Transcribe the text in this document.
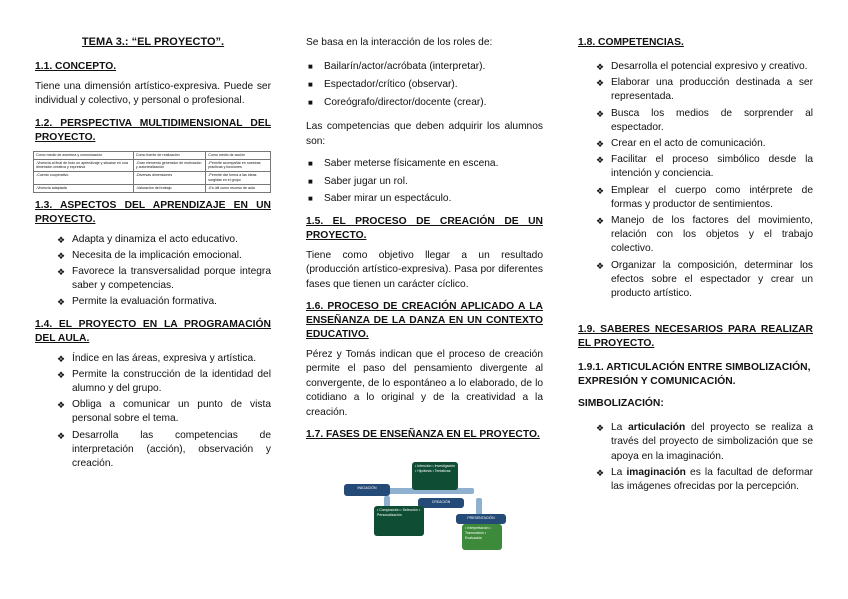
TEMA 3.: “EL PROYECTO”.
1.1. CONCEPTO.
Tiene una dimensión artístico-expresiva. Puede ser individual y colectivo, y personal o profesional.
1.2. PERSPECTIVA MULTIDIMENSIONAL DEL PROYECTO.
Como medio de aventura y comunicación	Como fuente de realización	Como medio de acción
-Vivencia al final de todo un aprendizaje y situarse en una dimensión creativa y expresiva	-Gran elemento generador de motivación y autorrealización	-Permite acompañar en nuestras prácticas y funciones
-Cuento cooperativo	-Diversas dimensiones	-Permite dar forma a las ideas surgidas en el grupo
-Vivencia adaptada	-Valoración del trabajo	-Es útil como recurso de aula
1.3. ASPECTOS DEL APRENDIZAJE EN UN PROYECTO.
❖ Adapta y dinamiza el acto educativo.
❖ Necesita de la implicación emocional.
❖ Favorece la transversalidad porque integra saber y competencias.
❖ Permite la evaluación formativa.
1.4. EL PROYECTO EN LA PROGRAMACIÓN DEL AULA.
❖ Índice en las áreas, expresiva y artística.
❖ Permite la construcción de la identidad del alumno y del grupo.
❖ Obliga a comunicar un punto de vista personal sobre el tema.
❖ Desarrolla las competencias de interpretación (acción), observación y creación.
Se basa en la interacción de los roles de:
■ Bailarín/actor/acróbata (interpretar).
■ Espectador/crítico (observar).
■ Coreógrafo/director/docente (crear).
Las competencias que deben adquirir los alumnos son:
■ Saber meterse físicamente en escena.
■ Saber jugar un rol.
■ Saber mirar un espectáculo.
1.5. EL PROCESO DE CREACIÓN DE UN PROYECTO.
Tiene como objetivo llegar a un resultado (producción artístico-expresiva). Pasa por diferentes fases que tienen un carácter cíclico.
1.6. PROCESO DE CREACIÓN APLICADO A LA ENSEÑANZA DE LA DANZA EN UN CONTEXTO EDUCATIVO.
Pérez y Tomás indican que el proceso de creación permite el paso del pensamiento divergente al convergente, de lo espontáneo a lo elaborado, de lo cotidiano a lo original y de la creatividad a la creación.
1.7. FASES DE ENSEÑANZA EN EL PROYECTO.
• Intención • Investigación • Hipótesis • Tentativas
INICIACIÓN
CREACIÓN
• Composición • Selección • Personalización
PRESENTACIÓN
• Interpretación • Transmisión • Evaluación
1.8. COMPETENCIAS.
❖ Desarrolla el potencial expresivo y creativo.
❖ Elaborar una producción destinada a ser representada.
❖ Busca los medios de sorprender al espectador.
❖ Crear en el acto de comunicación.
❖ Facilitar el proceso simbólico desde la intención y conciencia.
❖ Emplear el cuerpo como intérprete de formas y productor de sentimientos.
❖ Manejo de los factores del movimiento, relación con los objetos y el trabajo colectivo.
❖ Organizar la composición, determinar los efectos sobre el espectador y crear un producto artístico.
1.9. SABERES NECESARIOS PARA REALIZAR EL PROYECTO.
1.9.1. ARTICULACIÓN ENTRE SIMBOLIZACIÓN, EXPRESIÓN Y COMUNICACIÓN.
SIMBOLIZACIÓN:
❖ La articulación del proyecto se realiza a través del proyecto de simbolización que se apoya en la imaginación.
❖ La imaginación es la facultad de deformar las imágenes ofrecidas por la percepción.
